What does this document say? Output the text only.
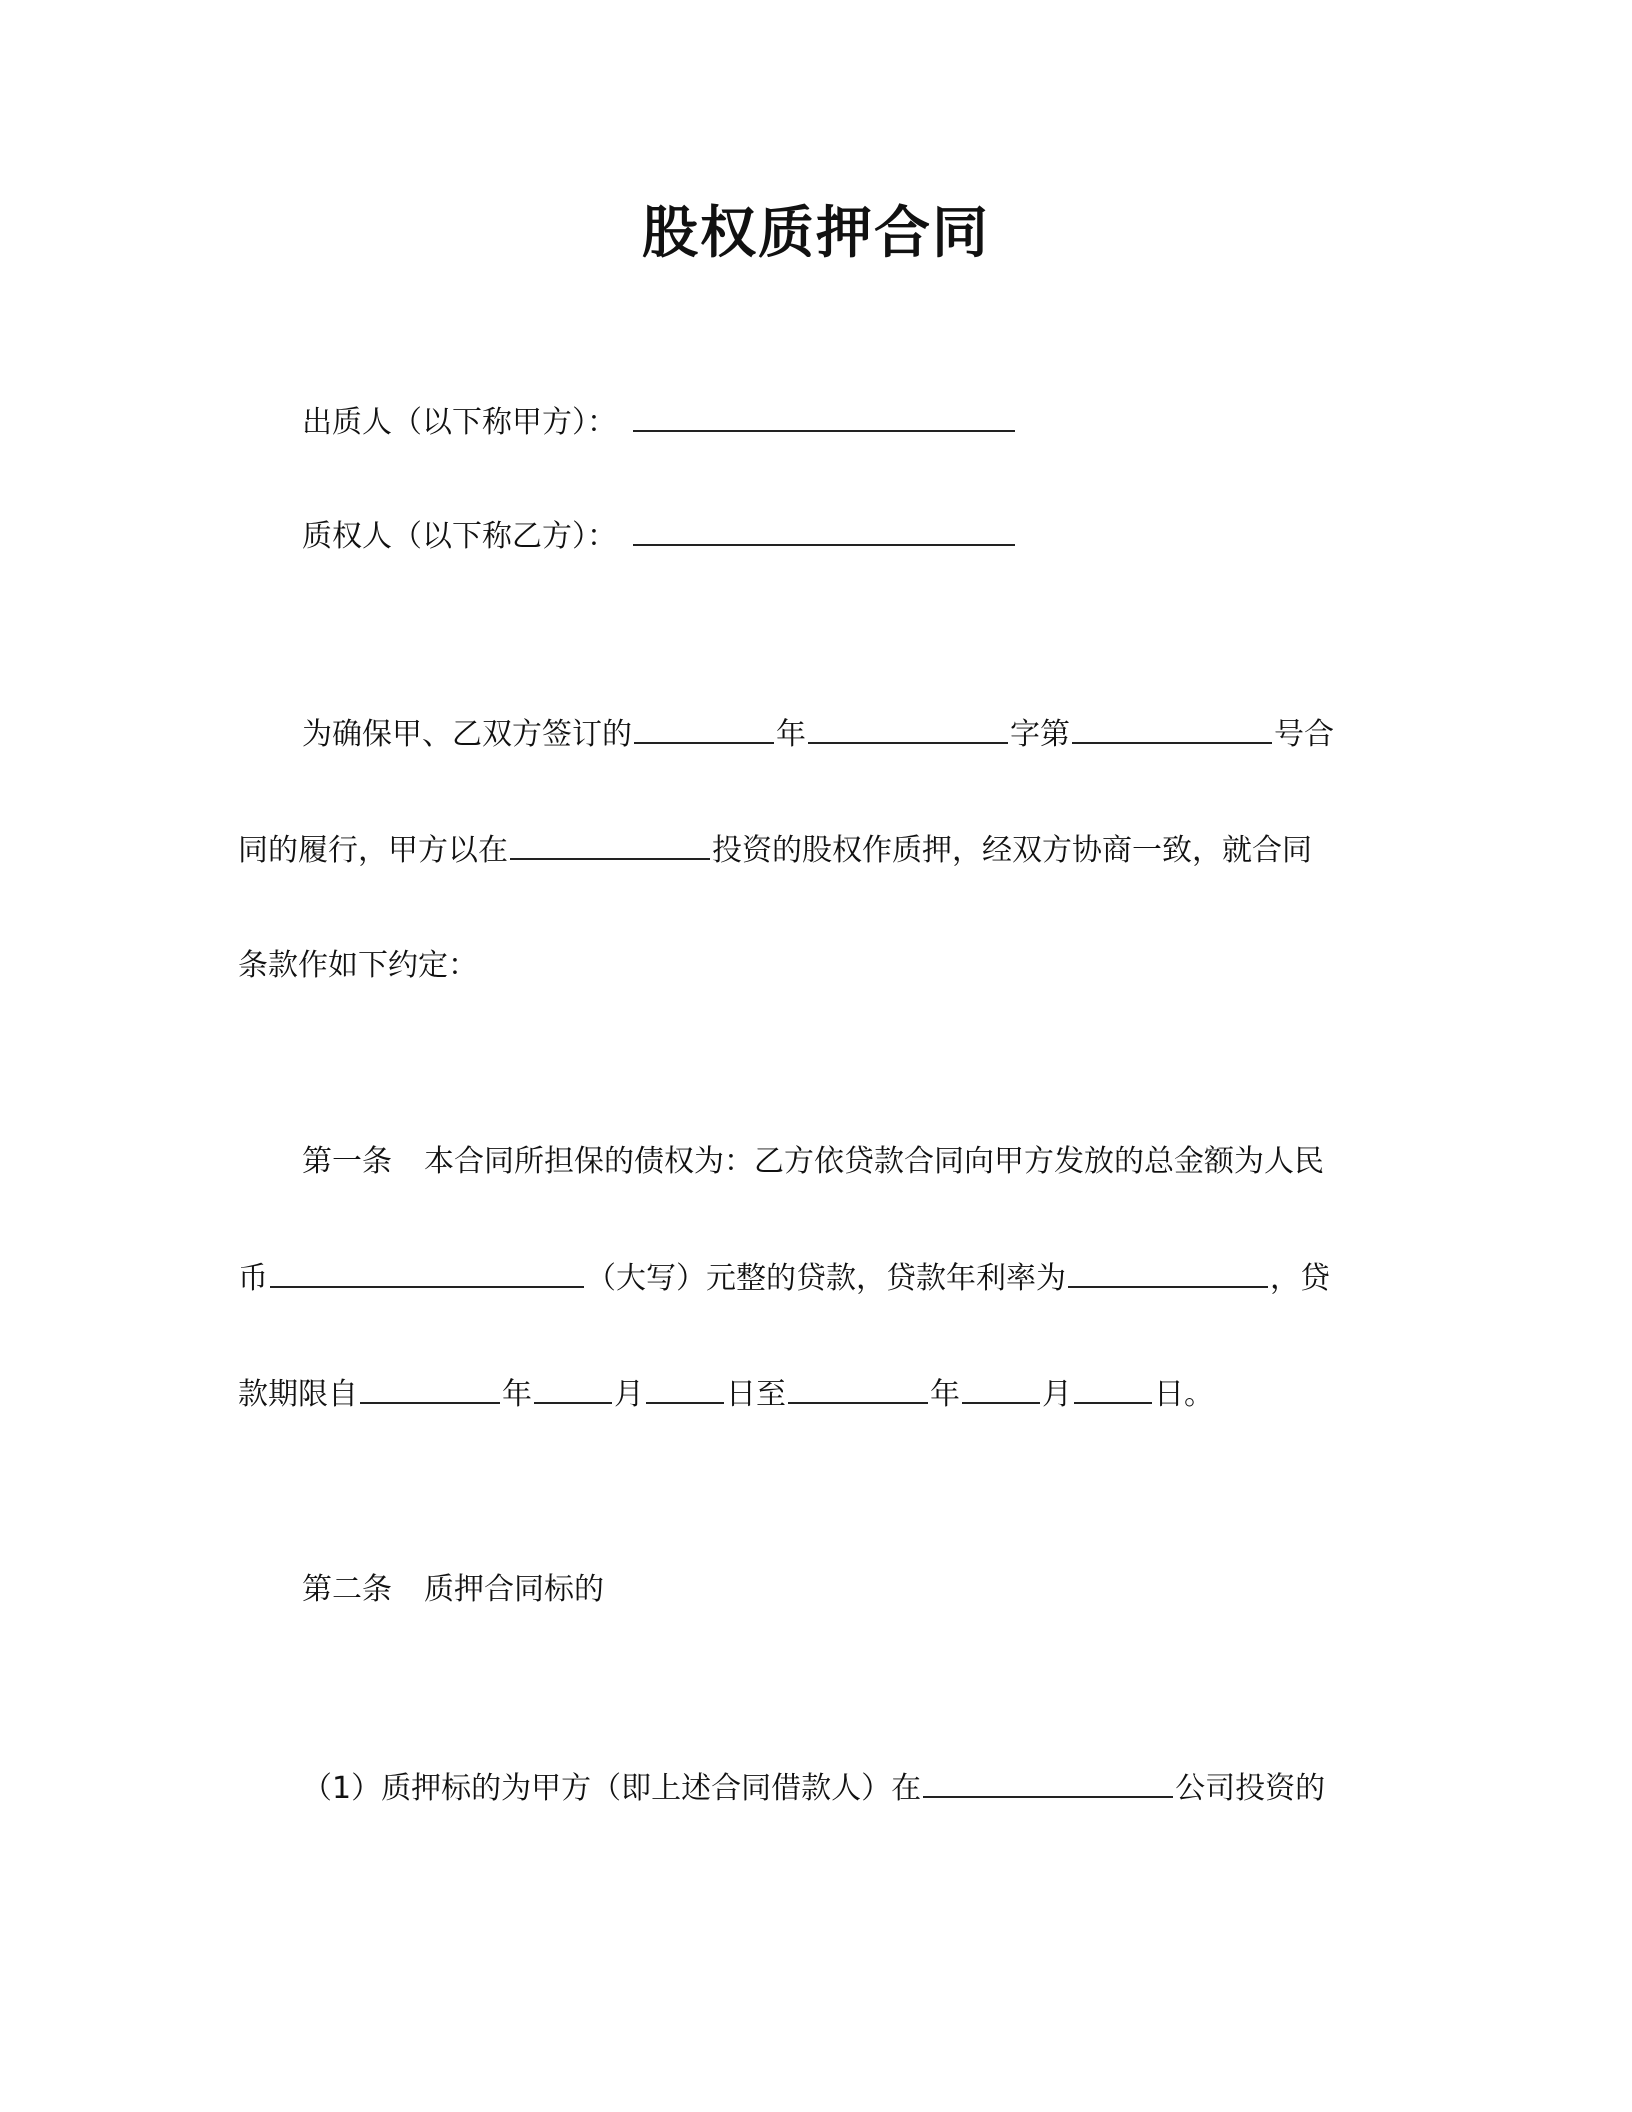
股权质押合同
出质人（以下称甲方）：
质权人（以下称乙方）：
为确保甲、乙双方签订的	年	字第	号合
同的履行，甲方以在	投资的股权作质押，经双方协商一致，就合同
条款作如下约定：
第一条 本合同所担保的债权为：乙方依贷款合同向甲方发放的总金额为人民
币	（大写）元整的贷款，贷款年利率为	，贷
款期限自	年	月	日至	年	月	日。
第二条 质押合同标的
（1）质押标的为甲方（即上述合同借款人）在	公司投资的
